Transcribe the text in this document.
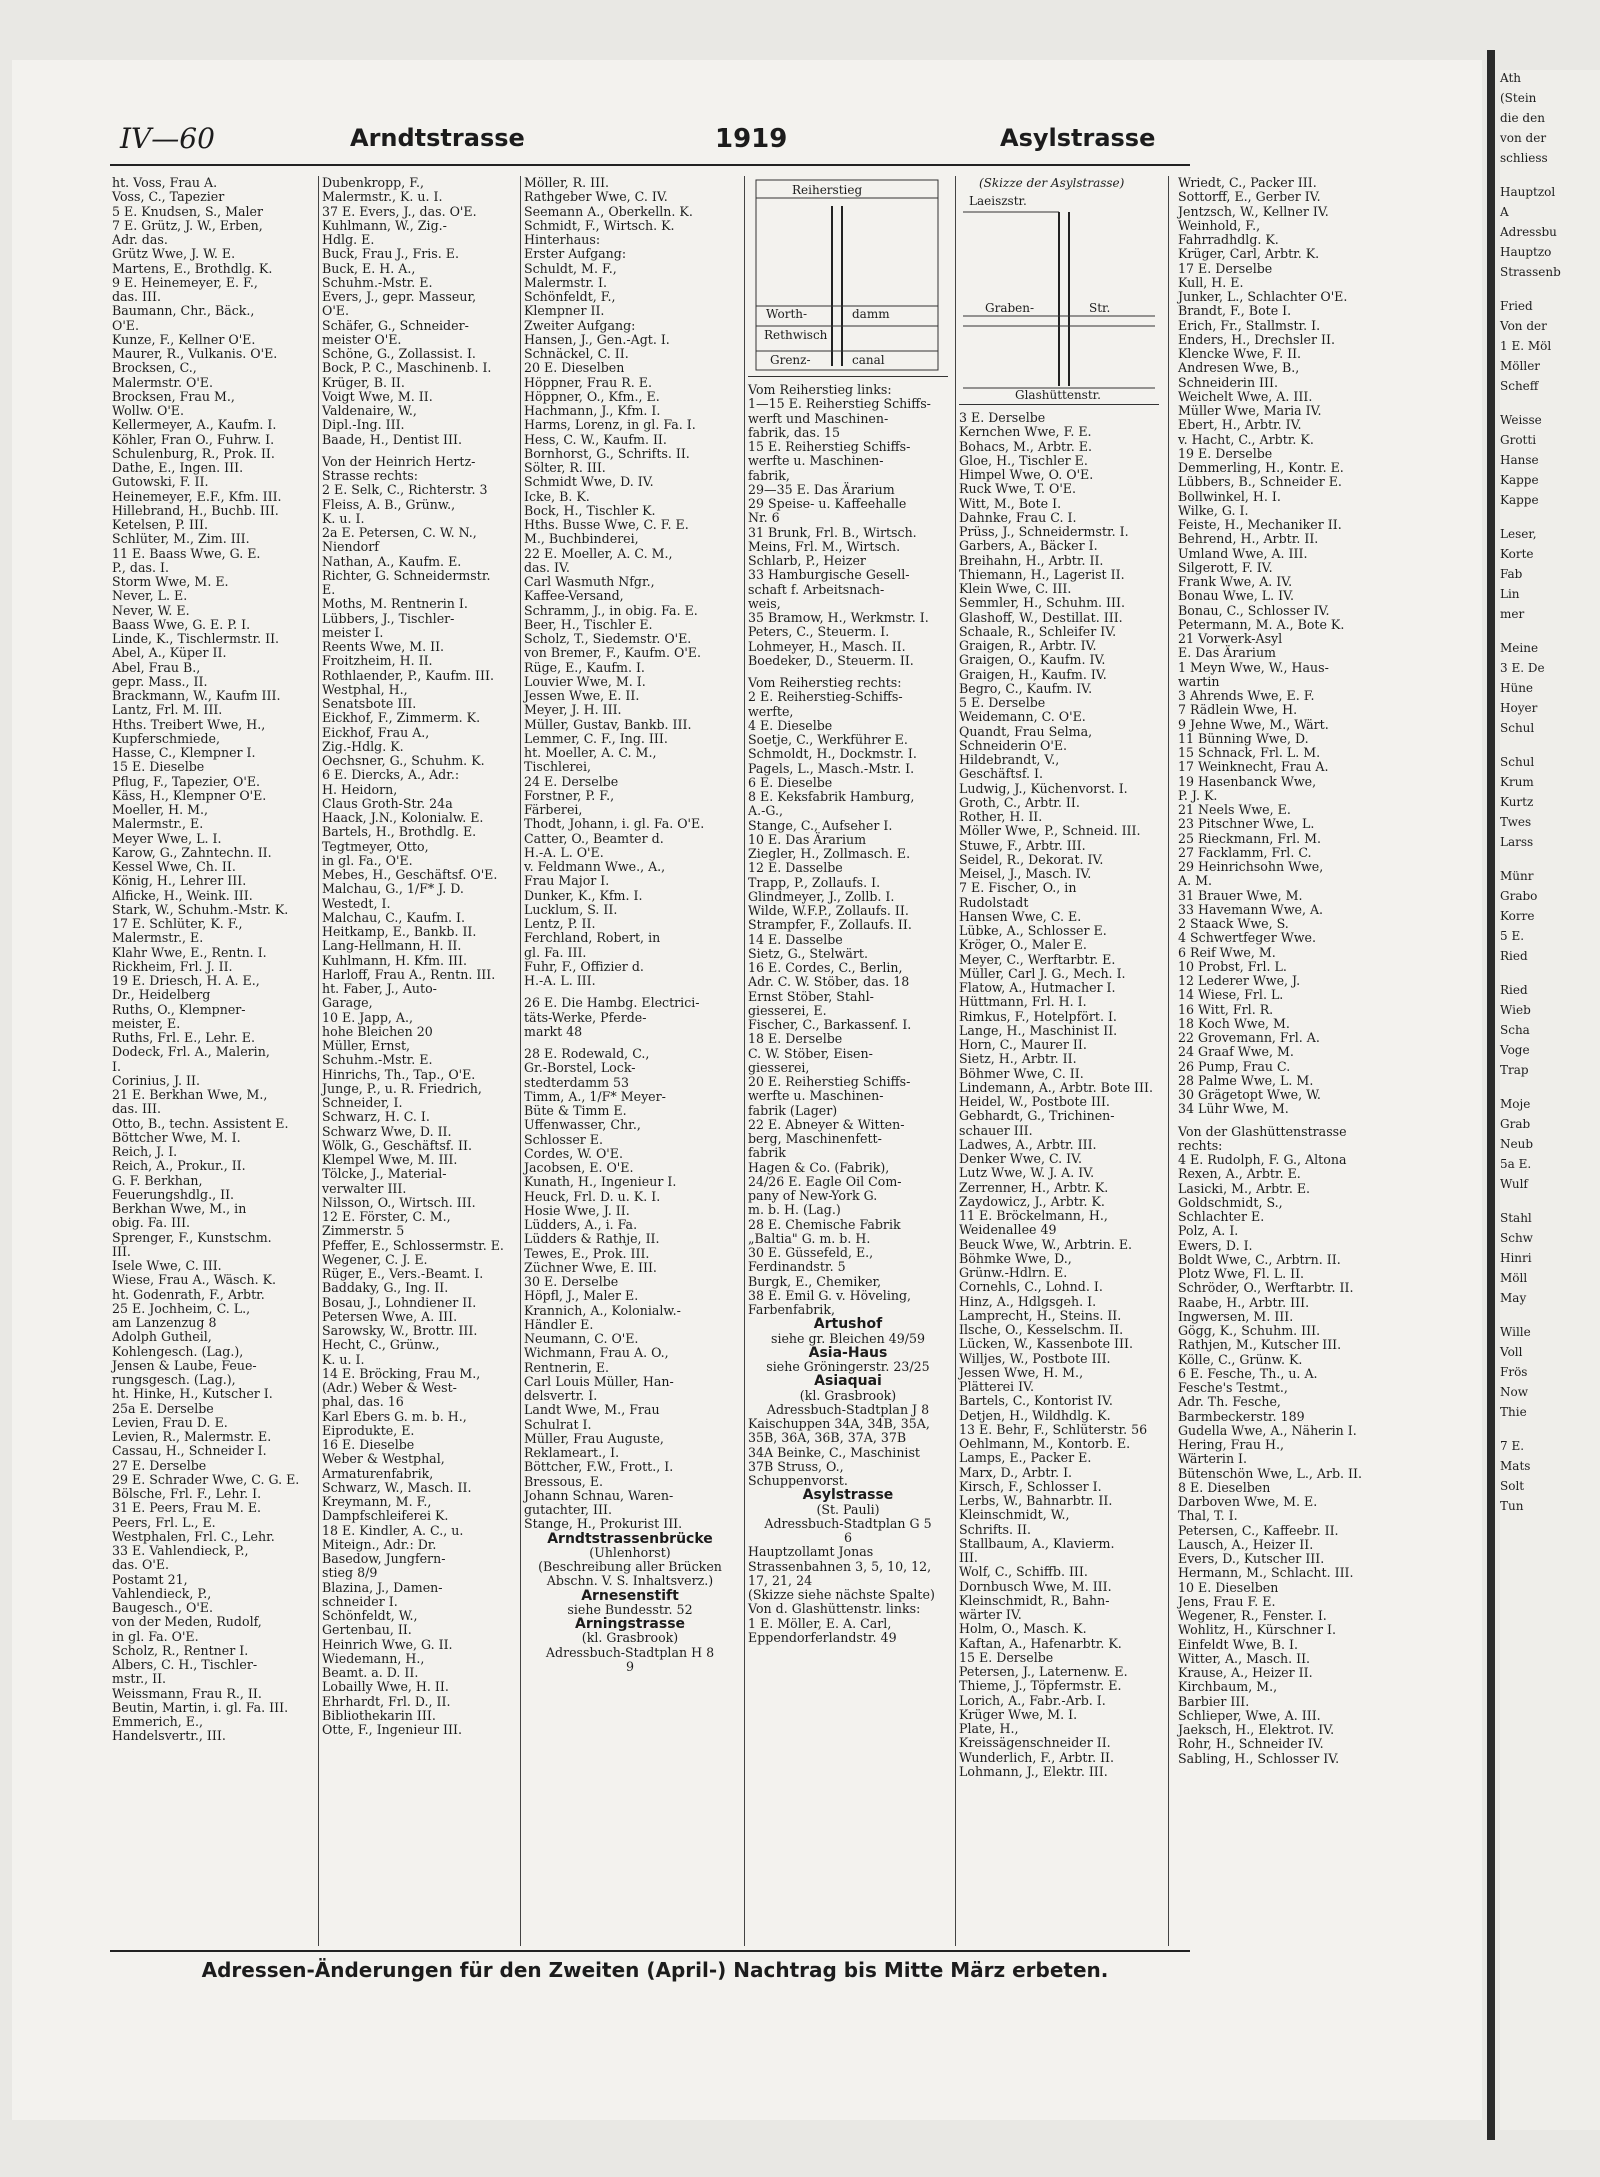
IV—60	Arndtstrasse	1919	Asylstrasse
ht. Voss, Frau A.
Voss, C., Tapezier
5 E. Knudsen, S., Maler
7 E. Grütz, J. W., Erben,
Adr. das.
Grütz Wwe, J. W. E.
Martens, E., Brothdlg. K.
9 E. Heinemeyer, E. F.,
das. III.
Baumann, Chr., Bäck.,
O'E.
Kunze, F., Kellner O'E.
Maurer, R., Vulkanis. O'E.
Brocksen, C.,
Malermstr. O'E.
Brocksen, Frau M.,
Wollw. O'E.
Kellermeyer, A., Kaufm. I.
Köhler, Fran O., Fuhrw. I.
Schulenburg, R., Prok. II.
Dathe, E., Ingen. III.
Gutowski, F. II.
Heinemeyer, E.F., Kfm. III.
Hillebrand, H., Buchb. III.
Ketelsen, P. III.
Schlüter, M., Zim. III.
11 E. Baass Wwe, G. E.
P., das. I.
Storm Wwe, M. E.
Never, L. E.
Never, W. E.
Baass Wwe, G. E. P. I.
Linde, K., Tischlermstr. II.
Abel, A., Küper II.
Abel, Frau B.,
gepr. Mass., II.
Brackmann, W., Kaufm III.
Lantz, Frl. M. III.
Hths. Treibert Wwe, H.,
Kupferschmiede,
Hasse, C., Klempner I.
15 E. Dieselbe
Pflug, F., Tapezier, O'E.
Käss, H., Klempner O'E.
Moeller, H. M.,
Malermstr., E.
Meyer Wwe, L. I.
Karow, G., Zahntechn. II.
Kessel Wwe, Ch. II.
König, H., Lehrer III.
Alficke, H., Weink. III.
Stark, W., Schuhm.-Mstr. K.
17 E. Schlüter, K. F.,
Malermstr., E.
Klahr Wwe, E., Rentn. I.
Rickheim, Frl. J. II.
19 E. Driesch, H. A. E.,
Dr., Heidelberg
Ruths, O., Klempner-
meister, E.
Ruths, Frl. E., Lehr. E.
Dodeck, Frl. A., Malerin,
I.
Corinius, J. II.
21 E. Berkhan Wwe, M.,
das. III.
Otto, B., techn. Assistent E.
Böttcher Wwe, M. I.
Reich, J. I.
Reich, A., Prokur., II.
G. F. Berkhan,
Feuerungshdlg., II.
Berkhan Wwe, M., in
obig. Fa. III.
Sprenger, F., Kunstschm.
III.
Isele Wwe, C. III.
Wiese, Frau A., Wäsch. K.
ht. Godenrath, F., Arbtr.
25 E. Jochheim, C. L.,
am Lanzenzug 8
Adolph Gutheil,
Kohlengesch. (Lag.),
Jensen & Laube, Feue-
rungsgesch. (Lag.),
ht. Hinke, H., Kutscher I.
25a E. Derselbe
Levien, Frau D. E.
Levien, R., Malermstr. E.
Cassau, H., Schneider I.
27 E. Derselbe
29 E. Schrader Wwe, C. G. E.
Bölsche, Frl. F., Lehr. I.
31 E. Peers, Frau M. E.
Peers, Frl. L., E.
Westphalen, Frl. C., Lehr.
33 E. Vahlendieck, P.,
das. O'E.
Postamt 21,
Vahlendieck, P.,
Baugesch., O'E.
von der Meden, Rudolf,
in gl. Fa. O'E.
Scholz, R., Rentner I.
Albers, C. H., Tischler-
mstr., II.
Weissmann, Frau R., II.
Beutin, Martin, i. gl. Fa. III.
Emmerich, E.,
Handelsvertr., III.
Dubenkropp, F.,
Malermstr., K. u. I.
37 E. Evers, J., das. O'E.
Kuhlmann, W., Zig.-
Hdlg. E.
Buck, Frau J., Fris. E.
Buck, E. H. A.,
Schuhm.-Mstr. E.
Evers, J., gepr. Masseur,
O'E.
Schäfer, G., Schneider-
meister O'E.
Schöne, G., Zollassist. I.
Bock, P. C., Maschinenb. I.
Krüger, B. II.
Voigt Wwe, M. II.
Valdenaire, W.,
Dipl.-Ing. III.
Baade, H., Dentist III.
Von der Heinrich Hertz-
Strasse rechts:
2 E. Selk, C., Richterstr. 3
Fleiss, A. B., Grünw.,
K. u. I.
2a E. Petersen, C. W. N.,
Niendorf
Nathan, A., Kaufm. E.
Richter, G. Schneidermstr.
E.
Moths, M. Rentnerin I.
Lübbers, J., Tischler-
meister I.
Reents Wwe, M. II.
Froitzheim, H. II.
Rothlaender, P., Kaufm. III.
Westphal, H.,
Senatsbote III.
Eickhof, F., Zimmerm. K.
Eickhof, Frau A.,
Zig.-Hdlg. K.
Oechsner, G., Schuhm. K.
6 E. Diercks, A., Adr.:
H. Heidorn,
Claus Groth-Str. 24a
Haack, J.N., Kolonialw. E.
Bartels, H., Brothdlg. E.
Tegtmeyer, Otto,
in gl. Fa., O'E.
Mebes, H., Geschäftsf. O'E.
Malchau, G., 1/F* J. D.
Westedt, I.
Malchau, C., Kaufm. I.
Heitkamp, E., Bankb. II.
Lang-Hellmann, H. II.
Kuhlmann, H. Kfm. III.
Harloff, Frau A., Rentn. III.
ht. Faber, J., Auto-
Garage,
10 E. Japp, A.,
hohe Bleichen 20
Müller, Ernst,
Schuhm.-Mstr. E.
Hinrichs, Th., Tap., O'E.
Junge, P., u. R. Friedrich,
Schneider, I.
Schwarz, H. C. I.
Schwarz Wwe, D. II.
Wölk, G., Geschäftsf. II.
Klempel Wwe, M. III.
Tölcke, J., Material-
verwalter III.
Nilsson, O., Wirtsch. III.
12 E. Förster, C. M.,
Zimmerstr. 5
Pfeffer, E., Schlossermstr. E.
Wegener, C. J. E.
Rüger, E., Vers.-Beamt. I.
Baddaky, G., Ing. II.
Bosau, J., Lohndiener II.
Petersen Wwe, A. III.
Sarowsky, W., Brottr. III.
Hecht, C., Grünw.,
K. u. I.
14 E. Bröcking, Frau M.,
(Adr.) Weber & West-
phal, das. 16
Karl Ebers G. m. b. H.,
Eiprodukte, E.
16 E. Dieselbe
Weber & Westphal,
Armaturenfabrik,
Schwarz, W., Masch. II.
Kreymann, M. F.,
Dampfschleiferei K.
18 E. Kindler, A. C., u.
Miteign., Adr.: Dr.
Basedow, Jungfern-
stieg 8/9
Blazina, J., Damen-
schneider I.
Schönfeldt, W.,
Gertenbau, II.
Heinrich Wwe, G. II.
Wiedemann, H.,
Beamt. a. D. II.
Lobailly Wwe, H. II.
Ehrhardt, Frl. D., II.
Bibliothekarin III.
Otte, F., Ingenieur III.
Möller, R. III.
Rathgeber Wwe, C. IV.
Seemann A., Oberkelln. K.
Schmidt, F., Wirtsch. K.
Hinterhaus:
Erster Aufgang:
Schuldt, M. F.,
Malermstr. I.
Schönfeldt, F.,
Klempner II.
Zweiter Aufgang:
Hansen, J., Gen.-Agt. I.
Schnäckel, C. II.
20 E. Dieselben
Höppner, Frau R. E.
Höppner, O., Kfm., E.
Hachmann, J., Kfm. I.
Harms, Lorenz, in gl. Fa. I.
Hess, C. W., Kaufm. II.
Bornhorst, G., Schrifts. II.
Sölter, R. III.
Schmidt Wwe, D. IV.
Icke, B. K.
Bock, H., Tischler K.
Hths. Busse Wwe, C. F. E.
M., Buchbinderei,
22 E. Moeller, A. C. M.,
das. IV.
Carl Wasmuth Nfgr.,
Kaffee-Versand,
Schramm, J., in obig. Fa. E.
Beer, H., Tischler E.
Scholz, T., Siedemstr. O'E.
von Bremer, F., Kaufm. O'E.
Rüge, E., Kaufm. I.
Louvier Wwe, M. I.
Jessen Wwe, E. II.
Meyer, J. H. III.
Müller, Gustav, Bankb. III.
Lemmer, C. F., Ing. III.
ht. Moeller, A. C. M.,
Tischlerei,
24 E. Derselbe
Forstner, P. F.,
Färberei,
Thodt, Johann, i. gl. Fa. O'E.
Catter, O., Beamter d.
H.-A. L. O'E.
v. Feldmann Wwe., A.,
Frau Major I.
Dunker, K., Kfm. I.
Lucklum, S. II.
Lentz, P. II.
Ferchland, Robert, in
gl. Fa. III.
Fuhr, F., Offizier d.
H.-A. L. III.
26 E. Die Hambg. Electrici-
täts-Werke, Pferde-
markt 48
28 E. Rodewald, C.,
Gr.-Borstel, Lock-
stedterdamm 53
Timm, A., 1/F* Meyer-
Büte & Timm E.
Uffenwasser, Chr.,
Schlosser E.
Cordes, W. O'E.
Jacobsen, E. O'E.
Kunath, H., Ingenieur I.
Heuck, Frl. D. u. K. I.
Hosie Wwe, J. II.
Lüdders, A., i. Fa.
Lüdders & Rathje, II.
Tewes, E., Prok. III.
Züchner Wwe, E. III.
30 E. Derselbe
Höpfl, J., Maler E.
Krannich, A., Kolonialw.-
Händler E.
Neumann, C. O'E.
Wichmann, Frau A. O.,
Rentnerin, E.
Carl Louis Müller, Han-
delsvertr. I.
Landt Wwe, M., Frau
Schulrat I.
Müller, Frau Auguste,
Reklameart., I.
Böttcher, F.W., Frott., I.
Bressous, E.
Johann Schnau, Waren-
gutachter, III.
Stange, H., Prokurist III.
Arndtstrassenbrücke
(Uhlenhorst)
(Beschreibung aller Brücken
Abschn. V. S. Inhaltsverz.)
Arnesenstift
siehe Bundesstr. 52
Arningstrasse
(kl. Grasbrook)
Adressbuch-Stadtplan H 8
9
Reiherstieg
Worth-	damm
Rethwisch
Grenz-	canal
Vom Reiherstieg links:
1—15 E. Reiherstieg Schiffs-
werft und Maschinen-
fabrik, das. 15
15 E. Reiherstieg Schiffs-
werfte u. Maschinen-
fabrik,
29—35 E. Das Ärarium
29 Speise- u. Kaffeehalle
Nr. 6
31 Brunk, Frl. B., Wirtsch.
Meins, Frl. M., Wirtsch.
Schlarb, P., Heizer
33 Hamburgische Gesell-
schaft f. Arbeitsnach-
weis,
35 Bramow, H., Werkmstr. I.
Peters, C., Steuerm. I.
Lohmeyer, H., Masch. II.
Boedeker, D., Steuerm. II.
Vom Reiherstieg rechts:
2 E. Reiherstieg-Schiffs-
werfte,
4 E. Dieselbe
Soetje, C., Werkführer E.
Schmoldt, H., Dockmstr. I.
Pagels, L., Masch.-Mstr. I.
6 E. Dieselbe
8 E. Keksfabrik Hamburg,
A.-G.,
Stange, C., Aufseher I.
10 E. Das Ärarium
Ziegler, H., Zollmasch. E.
12 E. Dasselbe
Trapp, P., Zollaufs. I.
Glindmeyer, J., Zollb. I.
Wilde, W.F.P., Zollaufs. II.
Strampfer, F., Zollaufs. II.
14 E. Dasselbe
Sietz, G., Stelwärt.
16 E. Cordes, C., Berlin,
Adr. C. W. Stöber, das. 18
Ernst Stöber, Stahl-
giesserei, E.
Fischer, C., Barkassenf. I.
18 E. Derselbe
C. W. Stöber, Eisen-
giesserei,
20 E. Reiherstieg Schiffs-
werfte u. Maschinen-
fabrik (Lager)
22 E. Abneyer & Witten-
berg, Maschinenfett-
fabrik
Hagen & Co. (Fabrik),
24/26 E. Eagle Oil Com-
pany of New-York G.
m. b. H. (Lag.)
28 E. Chemische Fabrik
„Baltia" G. m. b. H.
30 E. Güssefeld, E.,
Ferdinandstr. 5
Burgk, E., Chemiker,
38 E. Emil G. v. Höveling,
Farbenfabrik,
Artushof
siehe gr. Bleichen 49/59
Asia-Haus
siehe Gröningerstr. 23/25
Asiaquai
(kl. Grasbrook)
Adressbuch-Stadtplan J 8
Kaischuppen 34A, 34B, 35A,
35B, 36A, 36B, 37A, 37B
34A Beinke, C., Maschinist
37B Struss, O.,
Schuppenvorst.
Asylstrasse
(St. Pauli)
Adressbuch-Stadtplan G 5
6
Hauptzollamt Jonas
Strassenbahnen 3, 5, 10, 12,
17, 21, 24
(Skizze siehe nächste Spalte)
Von d. Glashüttenstr. links:
1 E. Möller, E. A. Carl,
Eppendorferlandstr. 49
(Skizze der Asylstrasse)
Laeiszstr.
Graben-	Str.
Glashüttenstr.
3 E. Derselbe
Kernchen Wwe, F. E.
Bohacs, M., Arbtr. E.
Gloe, H., Tischler E.
Himpel Wwe, O. O'E.
Ruck Wwe, T. O'E.
Witt, M., Bote I.
Dahnke, Frau C. I.
Prüss, J., Schneidermstr. I.
Garbers, A., Bäcker I.
Breihahn, H., Arbtr. II.
Thiemann, H., Lagerist II.
Klein Wwe, C. III.
Semmler, H., Schuhm. III.
Glashoff, W., Destillat. III.
Schaale, R., Schleifer IV.
Graigen, R., Arbtr. IV.
Graigen, O., Kaufm. IV.
Graigen, H., Kaufm. IV.
Begro, C., Kaufm. IV.
5 E. Derselbe
Weidemann, C. O'E.
Quandt, Frau Selma,
Schneiderin O'E.
Hildebrandt, V.,
Geschäftsf. I.
Ludwig, J., Küchenvorst. I.
Groth, C., Arbtr. II.
Rother, H. II.
Möller Wwe, P., Schneid. III.
Stuwe, F., Arbtr. III.
Seidel, R., Dekorat. IV.
Meisel, J., Masch. IV.
7 E. Fischer, O., in
Rudolstadt
Hansen Wwe, C. E.
Lübke, A., Schlosser E.
Kröger, O., Maler E.
Meyer, C., Werftarbtr. E.
Müller, Carl J. G., Mech. I.
Flatow, A., Hutmacher I.
Hüttmann, Frl. H. I.
Rimkus, F., Hotelpfört. I.
Lange, H., Maschinist II.
Horn, C., Maurer II.
Sietz, H., Arbtr. II.
Böhmer Wwe, C. II.
Lindemann, A., Arbtr. Bote III.
Heidel, W., Postbote III.
Gebhardt, G., Trichinen-
schauer III.
Ladwes, A., Arbtr. III.
Denker Wwe, C. IV.
Lutz Wwe, W. J. A. IV.
Zerrenner, H., Arbtr. K.
Zaydowicz, J., Arbtr. K.
11 E. Bröckelmann, H.,
Weidenallee 49
Beuck Wwe, W., Arbtrin. E.
Böhmke Wwe, D.,
Grünw.-Hdlrn. E.
Cornehls, C., Lohnd. I.
Hinz, A., Hdlgsgeh. I.
Lamprecht, H., Steins. II.
Ilsche, O., Kesselschm. II.
Lücken, W., Kassenbote III.
Willjes, W., Postbote III.
Jessen Wwe, H. M.,
Plätterei IV.
Bartels, C., Kontorist IV.
Detjen, H., Wildhdlg. K.
13 E. Behr, F., Schlüterstr. 56
Oehlmann, M., Kontorb. E.
Lamps, E., Packer E.
Marx, D., Arbtr. I.
Kirsch, F., Schlosser I.
Lerbs, W., Bahnarbtr. II.
Kleinschmidt, W.,
Schrifts. II.
Stallbaum, A., Klavierm.
III.
Wolf, C., Schiffb. III.
Dornbusch Wwe, M. III.
Kleinschmidt, R., Bahn-
wärter IV.
Holm, O., Masch. K.
Kaftan, A., Hafenarbtr. K.
15 E. Derselbe
Petersen, J., Laternenw. E.
Thieme, J., Töpfermstr. E.
Lorich, A., Fabr.-Arb. I.
Krüger Wwe, M. I.
Plate, H.,
Kreissägenschneider II.
Wunderlich, F., Arbtr. II.
Lohmann, J., Elektr. III.
Wriedt, C., Packer III.
Sottorff, E., Gerber IV.
Jentzsch, W., Kellner IV.
Weinhold, F.,
Fahrradhdlg. K.
Krüger, Carl, Arbtr. K.
17 E. Derselbe
Kull, H. E.
Junker, L., Schlachter O'E.
Brandt, F., Bote I.
Erich, Fr., Stallmstr. I.
Enders, H., Drechsler II.
Klencke Wwe, F. II.
Andresen Wwe, B.,
Schneiderin III.
Weichelt Wwe, A. III.
Müller Wwe, Maria IV.
Ebert, H., Arbtr. IV.
v. Hacht, C., Arbtr. K.
19 E. Derselbe
Demmerling, H., Kontr. E.
Lübbers, B., Schneider E.
Bollwinkel, H. I.
Wilke, G. I.
Feiste, H., Mechaniker II.
Behrend, H., Arbtr. II.
Umland Wwe, A. III.
Silgerott, F. IV.
Frank Wwe, A. IV.
Bonau Wwe, L. IV.
Bonau, C., Schlosser IV.
Petermann, M. A., Bote K.
21 Vorwerk-Asyl
E. Das Ärarium
1 Meyn Wwe, W., Haus-
wartin
3 Ahrends Wwe, E. F.
7 Rädlein Wwe, H.
9 Jehne Wwe, M., Wärt.
11 Bünning Wwe, D.
15 Schnack, Frl. L. M.
17 Weinknecht, Frau A.
19 Hasenbanck Wwe,
P. J. K.
21 Neels Wwe, E.
23 Pitschner Wwe, L.
25 Rieckmann, Frl. M.
27 Facklamm, Frl. C.
29 Heinrichsohn Wwe,
A. M.
31 Brauer Wwe, M.
33 Havemann Wwe, A.
2 Staack Wwe, S.
4 Schwertfeger Wwe.
6 Reif Wwe, M.
10 Probst, Frl. L.
12 Lederer Wwe, J.
14 Wiese, Frl. L.
16 Witt, Frl. R.
18 Koch Wwe, M.
22 Grovemann, Frl. A.
24 Graaf Wwe, M.
26 Pump, Frau C.
28 Palme Wwe, L. M.
30 Grägetopt Wwe, W.
34 Lühr Wwe, M.
Von der Glashüttenstrasse
rechts:
4 E. Rudolph, F. G., Altona
Rexen, A., Arbtr. E.
Lasicki, M., Arbtr. E.
Goldschmidt, S.,
Schlachter E.
Polz, A. I.
Ewers, D. I.
Boldt Wwe, C., Arbtrn. II.
Plotz Wwe, Fl. L. II.
Schröder, O., Werftarbtr. II.
Raabe, H., Arbtr. III.
Ingwersen, M. III.
Gögg, K., Schuhm. III.
Rathjen, M., Kutscher III.
Kölle, C., Grünw. K.
6 E. Fesche, Th., u. A.
Fesche's Testmt.,
Adr. Th. Fesche,
Barmbeckerstr. 189
Gudella Wwe, A., Näherin I.
Hering, Frau H.,
Wärterin I.
Bütenschön Wwe, L., Arb. II.
8 E. Dieselben
Darboven Wwe, M. E.
Thal, T. I.
Petersen, C., Kaffeebr. II.
Lausch, A., Heizer II.
Evers, D., Kutscher III.
Hermann, M., Schlacht. III.
10 E. Dieselben
Jens, Frau F. E.
Wegener, R., Fenster. I.
Wohlitz, H., Kürschner I.
Einfeldt Wwe, B. I.
Witter, A., Masch. II.
Krause, A., Heizer II.
Kirchbaum, M.,
Barbier III.
Schlieper, Wwe, A. III.
Jaeksch, H., Elektrot. IV.
Rohr, H., Schneider IV.
Sabling, H., Schlosser IV.
Adressen-Änderungen für den Zweiten (April-) Nachtrag bis Mitte März erbeten.
Ath
(Stein
die den
von der
schliess
Hauptzol
A
Adressbu
Hauptzo
Strassenb
Fried
Von der
1 E. Möl
Möller
Scheff
Weisse
Grotti
Hanse
Kappe
Kappe
Leser,
Korte
Fab
Lin
mer
Meine
3 E. De
Hüne
Hoyer
Schul
Schul
Krum
Kurtz
Twes
Larss
Münr
Grabo
Korre
5 E.
Ried
Ried
Wieb
Scha
Voge
Trap
Moje
Grab
Neub
5a E.
Wulf
Stahl
Schw
Hinri
Möll
May
Wille
Voll
Frös
Now
Thie
7 E.
Mats
Solt
Tun
